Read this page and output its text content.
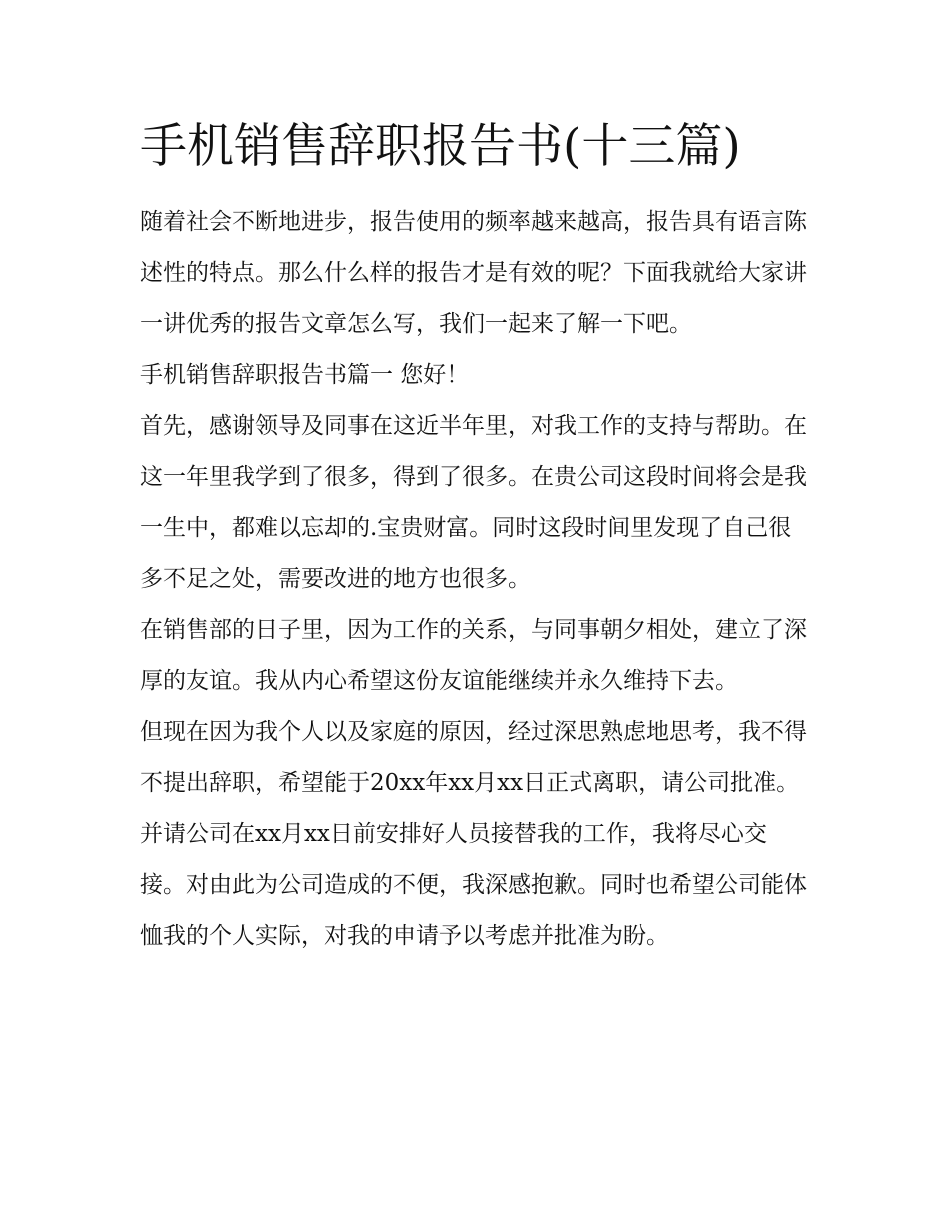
手机销售辞职报告书(十三篇)

随着社会不断地进步，报告使用的频率越来越高，报告具有语言陈述性的特点。那么什么样的报告才是有效的呢？下面我就给大家讲一讲优秀的报告文章怎么写，我们一起来了解一下吧。

手机销售辞职报告书篇一 您好！

首先，感谢领导及同事在这近半年里，对我工作的支持与帮助。在这一年里我学到了很多，得到了很多。在贵公司这段时间将会是我一生中，都难以忘却的.宝贵财富。同时这段时间里发现了自己很多不足之处，需要改进的地方也很多。

在销售部的日子里，因为工作的关系，与同事朝夕相处，建立了深厚的友谊。我从内心希望这份友谊能继续并永久维持下去。

但现在因为我个人以及家庭的原因，经过深思熟虑地思考，我不得不提出辞职，希望能于20xx年xx月xx日正式离职，请公司批准。并请公司在xx月xx日前安排好人员接替我的工作，我将尽心交接。对由此为公司造成的不便，我深感抱歉。同时也希望公司能体恤我的个人实际，对我的申请予以考虑并批准为盼。
